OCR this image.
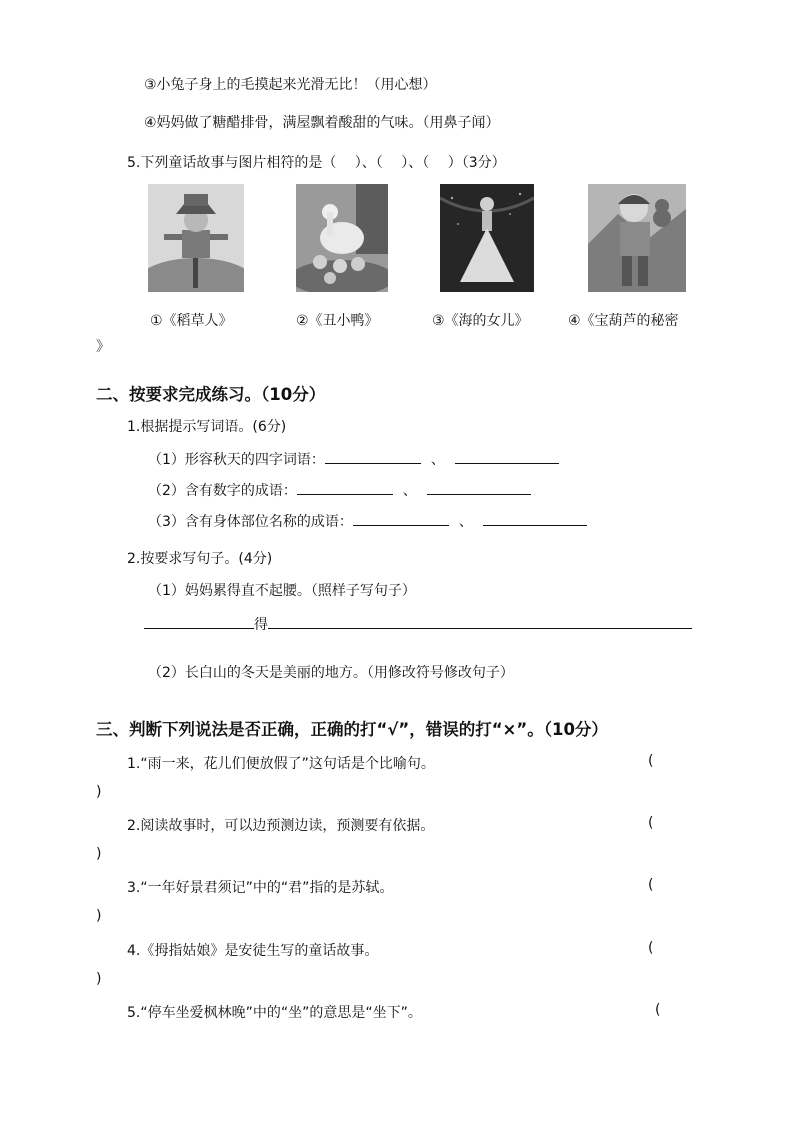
③小兔子身上的毛摸起来光滑无比！（用心想）
④妈妈做了糖醋排骨，满屋飘着酸甜的气味。（用鼻子闻）
5.下列童话故事与图片相符的是（　 ）、（　 ）、（　 ）（3分）
①《稻草人》	②《丑小鸭》	③《海的女儿》	④《宝葫芦的秘密
》
二、按要求完成练习。（10分）
1.根据提示写词语。(6分)
（1）形容秋天的四字词语：	、
（2）含有数字的成语：	、
（3）含有身体部位名称的成语：	、
2.按要求写句子。(4分)
（1）妈妈累得直不起腰。（照样子写句子）
得
（2）长白山的冬天是美丽的地方。（用修改符号修改句子）
三、判断下列说法是否正确，正确的打“√”，错误的打“×”。（10分）
1.“雨一来，花儿们便放假了”这句话是个比喻句。	(
)
2.阅读故事时，可以边预测边读，预测要有依据。	(
)
3.“一年好景君须记”中的“君”指的是苏轼。	(
)
4.《拇指姑娘》是安徒生写的童话故事。	(
)
5.“停车坐爱枫林晚”中的“坐”的意思是“坐下”。	(
